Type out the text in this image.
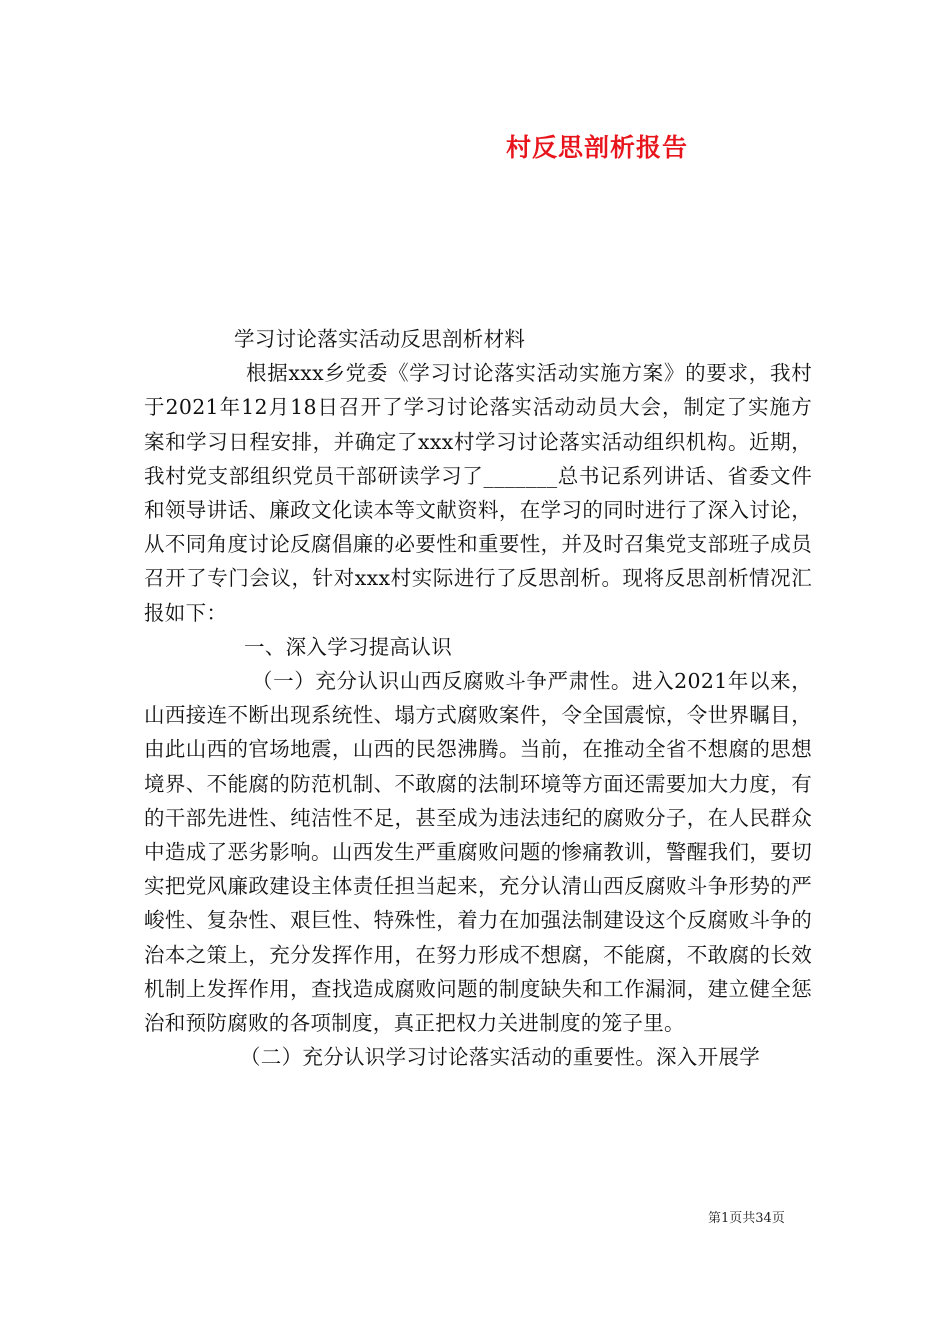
村反思剖析报告

学习讨论落实活动反思剖析材料

根据xxx乡党委《学习讨论落实活动实施方案》的要求，我村于2021年12月18日召开了学习讨论落实活动动员大会，制定了实施方案和学习日程安排，并确定了xxx村学习讨论落实活动组织机构。近期，我村党支部组织党员干部研读学习了_______总书记系列讲话、省委文件和领导讲话、廉政文化读本等文献资料，在学习的同时进行了深入讨论，从不同角度讨论反腐倡廉的必要性和重要性，并及时召集党支部班子成员召开了专门会议，针对xxx村实际进行了反思剖析。现将反思剖析情况汇报如下：

一、深入学习提高认识

（一）充分认识山西反腐败斗争严肃性。进入2021年以来，山西接连不断出现系统性、塌方式腐败案件，令全国震惊，令世界瞩目，由此山西的官场地震，山西的民怨沸腾。当前，在推动全省不想腐的思想境界、不能腐的防范机制、不敢腐的法制环境等方面还需要加大力度，有的干部先进性、纯洁性不足，甚至成为违法违纪的腐败分子，在人民群众中造成了恶劣影响。山西发生严重腐败问题的惨痛教训，警醒我们，要切实把党风廉政建设主体责任担当起来，充分认清山西反腐败斗争形势的严峻性、复杂性、艰巨性、特殊性，着力在加强法制建设这个反腐败斗争的治本之策上，充分发挥作用，在努力形成不想腐，不能腐，不敢腐的长效机制上发挥作用，查找造成腐败问题的制度缺失和工作漏洞，建立健全惩治和预防腐败的各项制度，真正把权力关进制度的笼子里。

（二）充分认识学习讨论落实活动的重要性。深入开展学

第1页共34页
